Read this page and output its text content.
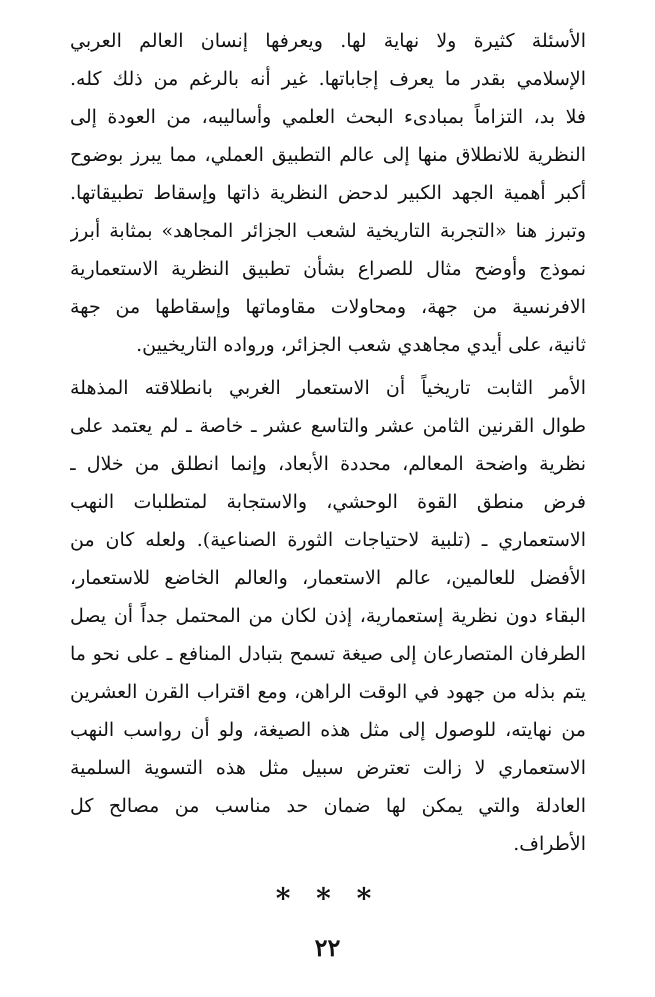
الأسئلة كثيرة ولا نهاية لها. ويعرفها إنسان العالم العربي
الإسلامي بقدر ما يعرف إجاباتها. غير أنه بالرغم من ذلك كله.
فلا بد، التزاماً بمبادىء البحث العلمي وأساليبه، من العودة إلى
النظرية للانطلاق منها إلى عالم التطبيق العملي، مما يبرز بوضوح
أكبر أهمية الجهد الكبير لدحض النظرية ذاتها وإسقاط تطبيقاتها.
وتبرز هنا «التجربة التاريخية لشعب الجزائر المجاهد» بمثابة أبرز
نموذج وأوضح مثال للصراع بشأن تطبيق النظرية الاستعمارية
الافرنسية من جهة، ومحاولات مقاوماتها وإسقاطها من جهة
ثانية، على أيدي مجاهدي شعب الجزائر، ورواده التاريخيين.

الأمر الثابت تاريخياً أن الاستعمار الغربي بانطلاقته المذهلة
طوال القرنين الثامن عشر والتاسع عشر ـ خاصة ـ لم يعتمد على
نظرية واضحة المعالم، محددة الأبعاد، وإنما انطلق من خلال ـ
فرض منطق القوة الوحشي، والاستجابة لمتطلبات النهب
الاستعماري ـ (تلبية لاحتياجات الثورة الصناعية). ولعله كان من
الأفضل للعالمين، عالم الاستعمار، والعالم الخاضع للاستعمار،
البقاء دون نظرية إستعمارية، إذن لكان من المحتمل جداً أن يصل
الطرفان المتصارعان إلى صيغة تسمح بتبادل المنافع ـ على نحو ما
يتم بذله من جهود في الوقت الراهن، ومع اقتراب القرن العشرين
من نهايته، للوصول إلى مثل هذه الصيغة، ولو أن رواسب النهب
الاستعماري لا زالت تعترض سبيل مثل هذه التسوية السلمية
العادلة والتي يمكن لها ضمان حد مناسب من مصالح كل
الأطراف.

* * *
٢٢
